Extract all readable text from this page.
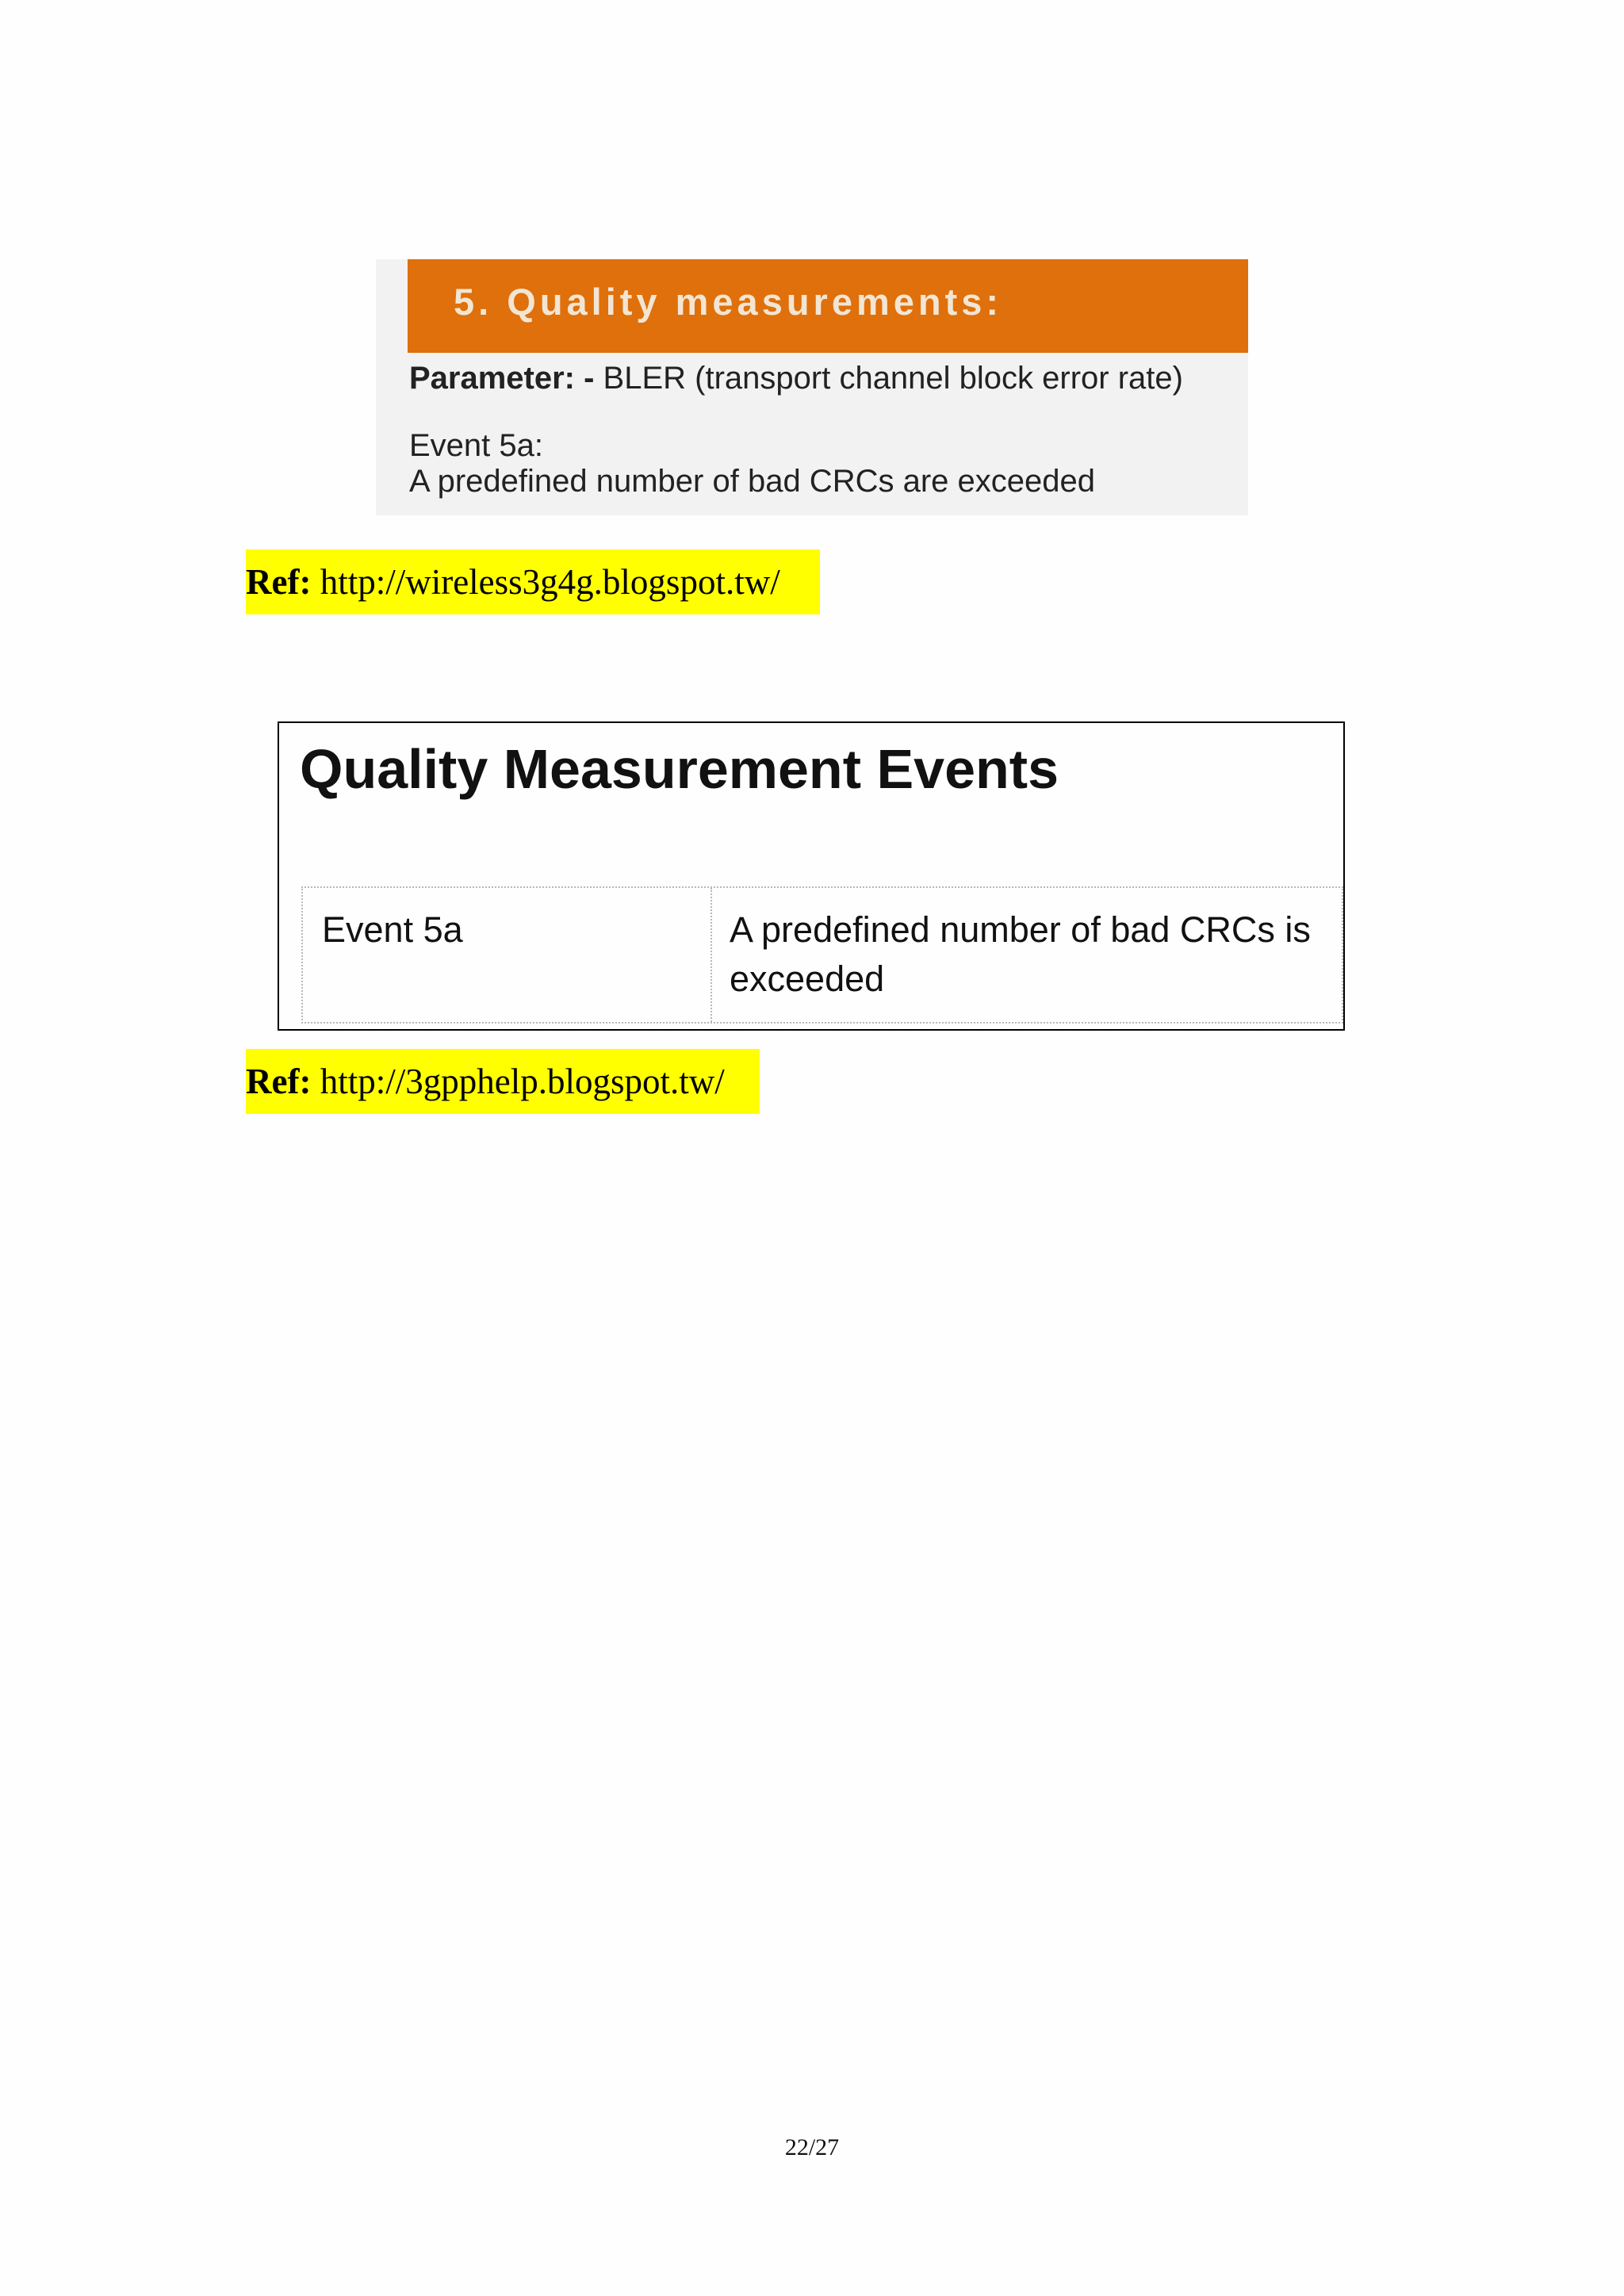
5. Quality measurements:
Parameter: - BLER (transport channel block error rate)
Event 5a:
A predefined number of bad CRCs are exceeded
Ref: http://wireless3g4g.blogspot.tw/
Quality Measurement Events
Event 5a	A predefined number of bad CRCs is exceeded
Ref: http://3gpphelp.blogspot.tw/
22/27
